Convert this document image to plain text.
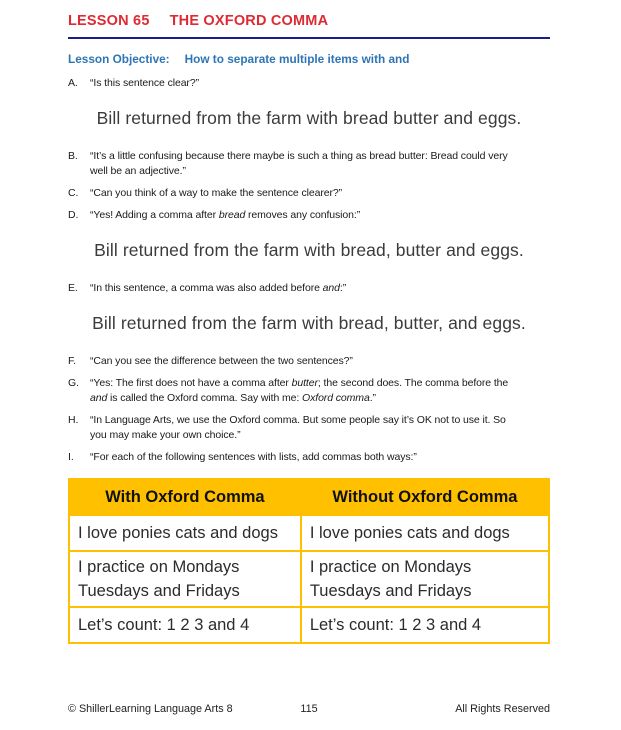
LESSON 65 THE OXFORD COMMA
Lesson Objective: How to separate multiple items with and
A.	“Is this sentence clear?”
Bill returned from the farm with bread butter and eggs.
B.	“It’s a little confusing because there maybe is such a thing as bread butter: Bread could very
well be an adjective.”
C.	“Can you think of a way to make the sentence clearer?”
D.	“Yes! Adding a comma after bread removes any confusion:”
Bill returned from the farm with bread, butter and eggs.
E.	“In this sentence, a comma was also added before and:”
Bill returned from the farm with bread, butter, and eggs.
F.	“Can you see the difference between the two sentences?”
G.	“Yes: The first does not have a comma after butter; the second does. The comma before the
and is called the Oxford comma. Say with me: Oxford comma.”
H.	“In Language Arts, we use the Oxford comma. But some people say it’s OK not to use it. So
you may make your own choice.”
I.	“For each of the following sentences with lists, add commas both ways:”
With Oxford Comma	Without Oxford Comma
I love ponies cats and dogs	I love ponies cats and dogs
I practice on Mondays Tuesdays and Fridays	I practice on Mondays Tuesdays and Fridays
Let’s count: 1 2 3 and 4	Let’s count: 1 2 3 and 4
© ShillerLearning Language Arts 8	115	All Rights Reserved
